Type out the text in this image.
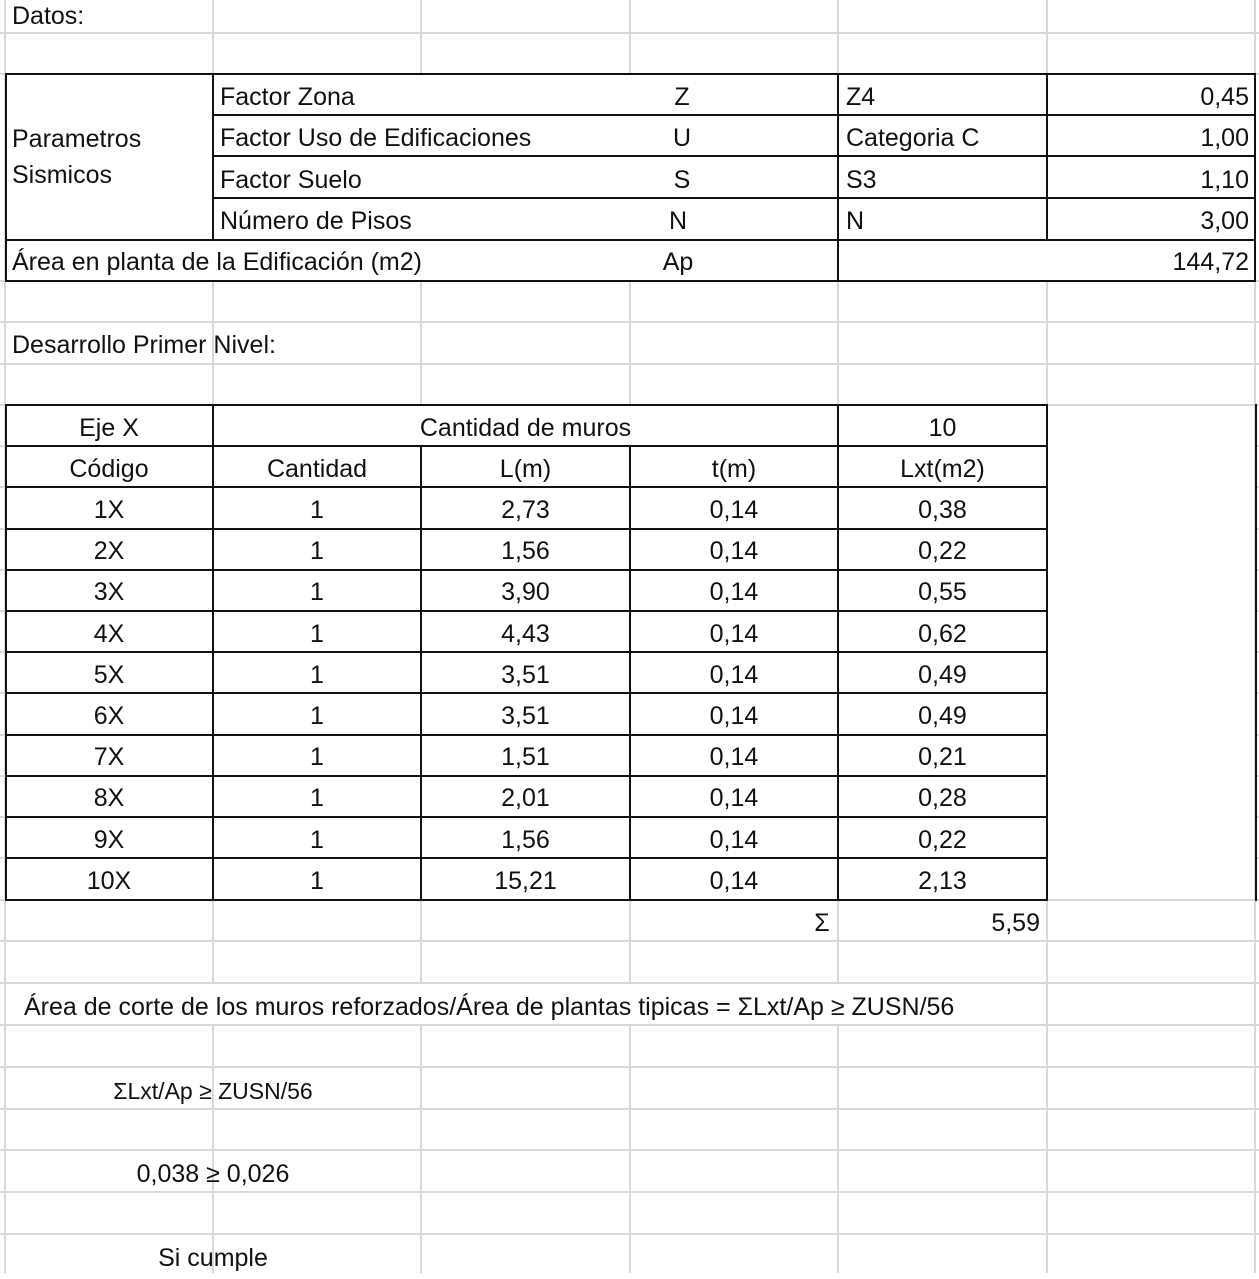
Datos:
Parametros
Sismicos
Factor Zona	Z	Z4	0,45
Factor Uso de Edificaciones	U	Categoria C	1,00
Factor Suelo	S	S3	1,10
Número de Pisos	N	N	3,00
Área en planta de la Edificación (m2)	Ap	144,72
Desarrollo Primer Nivel:
Eje X	Cantidad de muros	10
Código	Cantidad	L(m)	t(m)	Lxt(m2)
1X	1	2,73	0,14	0,38
2X	1	1,56	0,14	0,22
3X	1	3,90	0,14	0,55
4X	1	4,43	0,14	0,62
5X	1	3,51	0,14	0,49
6X	1	3,51	0,14	0,49
7X	1	1,51	0,14	0,21
8X	1	2,01	0,14	0,28
9X	1	1,56	0,14	0,22
10X	1	15,21	0,14	2,13
Σ	5,59
Área de corte de los muros reforzados/Área de plantas tipicas = ΣLxt/Ap ≥ ZUSN/56
ΣLxt/Ap ≥ ZUSN/56
0,038 ≥ 0,026
Si cumple
